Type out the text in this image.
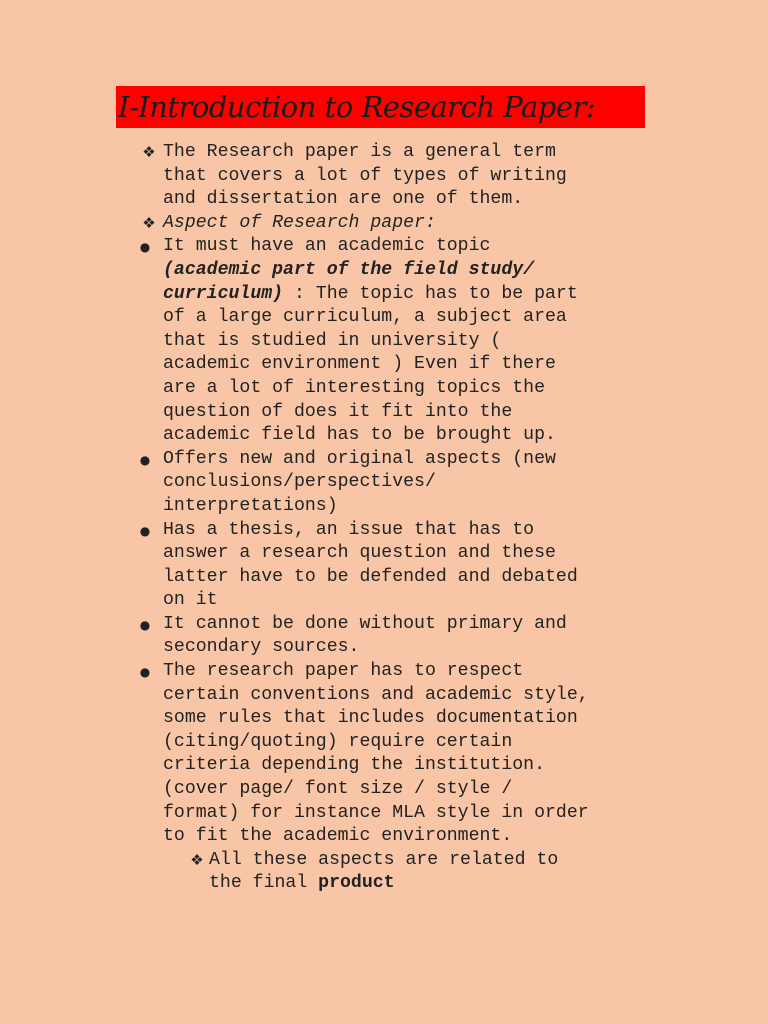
I-Introduction to Research Paper:
❖ The Research paper is a general term
that covers a lot of types of writing
and dissertation are one of them.
❖ Aspect of Research paper:
● It must have an academic topic
(academic part of the field study/
curriculum) : The topic has to be part
of a large curriculum, a subject area
that is studied in university (
academic environment ) Even if there
are a lot of interesting topics the
question of does it fit into the
academic field has to be brought up.
● Offers new and original aspects (new
conclusions/perspectives/
interpretations)
● Has a thesis, an issue that has to
answer a research question and these
latter have to be defended and debated
on it
● It cannot be done without primary and
secondary sources.
● The research paper has to respect
certain conventions and academic style,
some rules that includes documentation
(citing/quoting) require certain
criteria depending the institution.
(cover page/ font size / style /
format) for instance MLA style in order
to fit the academic environment.
❖ All these aspects are related to
the final product
